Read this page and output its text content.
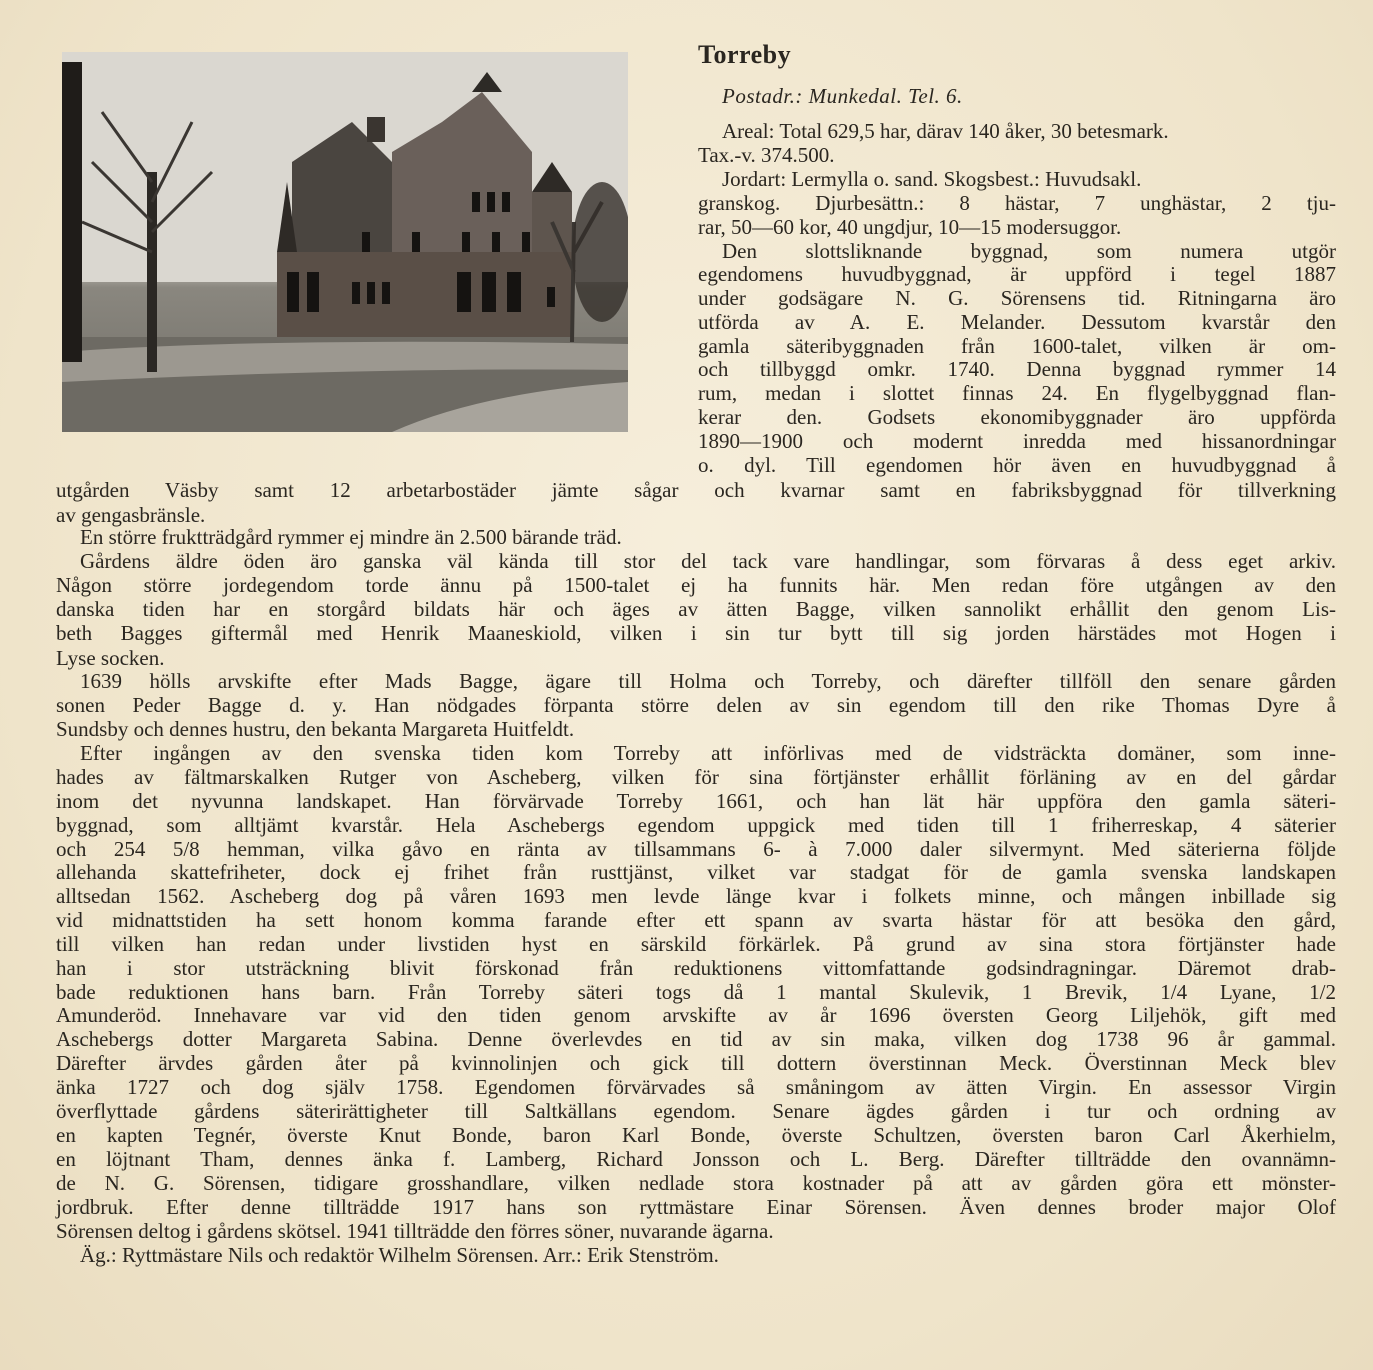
Torreby
Postadr.: Munkedal. Tel. 6.
Areal: Total 629,5 har, därav 140 åker, 30 betesmark.
Tax.-v. 374.500.
Jordart: Lermylla o. sand. Skogsbest.: Huvudsakl.
granskog. Djurbesättn.: 8 hästar, 7 unghästar, 2 tju-
rar, 50—60 kor, 40 ungdjur, 10—15 modersuggor.
Den slottsliknande byggnad, som numera utgör
egendomens huvudbyggnad, är uppförd i tegel 1887
under godsägare N. G. Sörensens tid. Ritningarna äro
utförda av A. E. Melander. Dessutom kvarstår den
gamla säteribyggnaden från 1600-talet, vilken är om-
och tillbyggd omkr. 1740. Denna byggnad rymmer 14
rum, medan i slottet finnas 24. En flygelbyggnad flan-
kerar den. Godsets ekonomibyggnader äro uppförda
1890—1900 och modernt inredda med hissanordningar
o. dyl. Till egendomen hör även en huvudbyggnad å
utgården Väsby samt 12 arbetarbostäder jämte sågar och kvarnar samt en fabriksbyggnad för tillverkning
av gengasbränsle.
En större fruktträdgård rymmer ej mindre än 2.500 bärande träd.
Gårdens äldre öden äro ganska väl kända till stor del tack vare handlingar, som förvaras å dess eget arkiv.
Någon större jordegendom torde ännu på 1500-talet ej ha funnits här. Men redan före utgången av den
danska tiden har en storgård bildats här och äges av ätten Bagge, vilken sannolikt erhållit den genom Lis-
beth Bagges giftermål med Henrik Maaneskiold, vilken i sin tur bytt till sig jorden härstädes mot Hogen i
Lyse socken.
1639 hölls arvskifte efter Mads Bagge, ägare till Holma och Torreby, och därefter tillföll den senare gården
sonen Peder Bagge d. y. Han nödgades förpanta större delen av sin egendom till den rike Thomas Dyre å
Sundsby och dennes hustru, den bekanta Margareta Huitfeldt.
Efter ingången av den svenska tiden kom Torreby att införlivas med de vidsträckta domäner, som inne-
hades av fältmarskalken Rutger von Ascheberg, vilken för sina förtjänster erhållit förläning av en del gårdar
inom det nyvunna landskapet. Han förvärvade Torreby 1661, och han lät här uppföra den gamla säteri-
byggnad, som alltjämt kvarstår. Hela Aschebergs egendom uppgick med tiden till 1 friherreskap, 4 säterier
och 254 5/8 hemman, vilka gåvo en ränta av tillsammans 6- à 7.000 daler silvermynt. Med säterierna följde
allehanda skattefriheter, dock ej frihet från rusttjänst, vilket var stadgat för de gamla svenska landskapen
alltsedan 1562. Ascheberg dog på våren 1693 men levde länge kvar i folkets minne, och mången inbillade sig
vid midnattstiden ha sett honom komma farande efter ett spann av svarta hästar för att besöka den gård,
till vilken han redan under livstiden hyst en särskild förkärlek. På grund av sina stora förtjänster hade
han i stor utsträckning blivit förskonad från reduktionens vittomfattande godsindragningar. Däremot drab-
bade reduktionen hans barn. Från Torreby säteri togs då 1 mantal Skulevik, 1 Brevik, 1/4 Lyane, 1/2
Amunderöd. Innehavare var vid den tiden genom arvskifte av år 1696 översten Georg Liljehök, gift med
Aschebergs dotter Margareta Sabina. Denne överlevdes en tid av sin maka, vilken dog 1738 96 år gammal.
Därefter ärvdes gården åter på kvinnolinjen och gick till dottern överstinnan Meck. Överstinnan Meck blev
änka 1727 och dog själv 1758. Egendomen förvärvades så småningom av ätten Virgin. En assessor Virgin
överflyttade gårdens säterirättigheter till Saltkällans egendom. Senare ägdes gården i tur och ordning av
en kapten Tegnér, överste Knut Bonde, baron Karl Bonde, överste Schultzen, översten baron Carl Åkerhielm,
en löjtnant Tham, dennes änka f. Lamberg, Richard Jonsson och L. Berg. Därefter tillträdde den ovannämn-
de N. G. Sörensen, tidigare grosshandlare, vilken nedlade stora kostnader på att av gården göra ett mönster-
jordbruk. Efter denne tillträdde 1917 hans son ryttmästare Einar Sörensen. Även dennes broder major Olof
Sörensen deltog i gårdens skötsel. 1941 tillträdde den förres söner, nuvarande ägarna.
Äg.: Ryttmästare Nils och redaktör Wilhelm Sörensen. Arr.: Erik Stenström.
